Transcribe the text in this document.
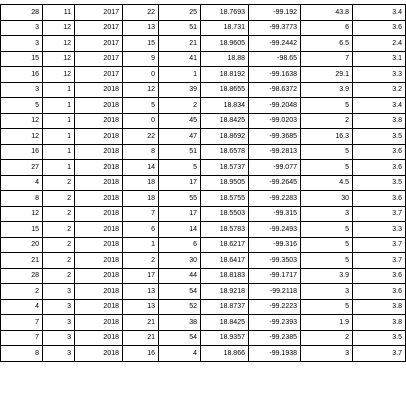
28	11	2017	22	25	18.7693	-99.192	43.8	3.4
3	12	2017	13	51	18.731	-99.3773	6	3.6
3	12	2017	15	21	18.9605	-99.2442	6.5	2.4
15	12	2017	9	41	18.88	-98.65	7	3.1
16	12	2017	0	1	18.8192	-99.1638	29.1	3.3
3	1	2018	12	39	18.8655	-98.6372	3.9	3.2
5	1	2018	5	2	18.834	-99.2048	5	3.4
12	1	2018	0	45	18.8425	-99.0203	2	3.8
12	1	2018	22	47	18.8692	-99.3685	16.3	3.5
16	1	2018	8	51	18.6578	-99.2813	5	3.6
27	1	2018	14	5	18.5737	-99.077	5	3.6
4	2	2018	18	17	18.9505	-99.2645	4.5	3.5
8	2	2018	18	55	18.5755	-99.2283	30	3.6
12	2	2018	7	17	18.5503	-99.315	3	3.7
15	2	2018	6	14	18.5783	-99.2493	5	3.3
20	2	2018	1	6	18.6217	-99.316	5	3.7
21	2	2018	2	30	18.6417	-99.3503	5	3.7
28	2	2018	17	44	18.8183	-99.1717	3.9	3.6
2	3	2018	13	54	18.9218	-99.2118	3	3.6
4	3	2018	13	52	18.8737	-99.2223	5	3.8
7	3	2018	21	38	18.8425	-99.2393	1.9	3.8
7	3	2018	21	54	18.9357	-99.2385	2	3.5
8	3	2018	16	4	18.866	-99.1938	3	3.7
